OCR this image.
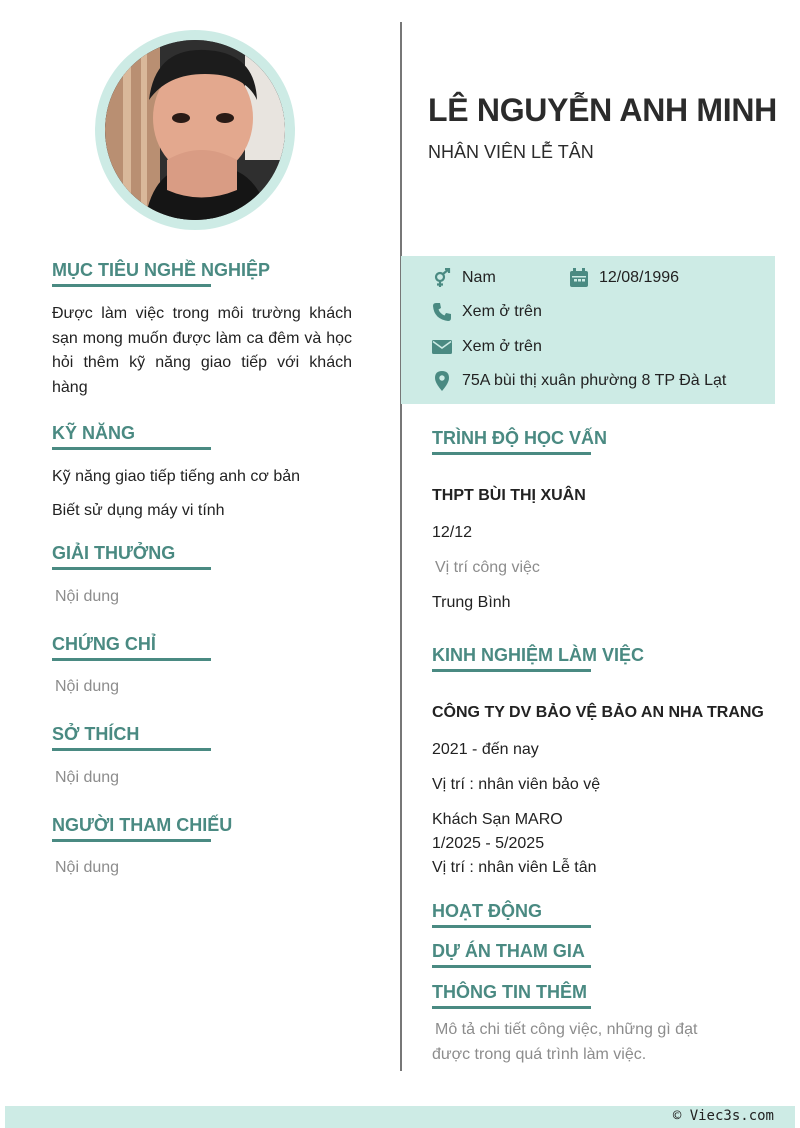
LÊ NGUYỄN ANH MINH
NHÂN VIÊN LỄ TÂN
Nam	12/08/1996
Xem ở trên
Xem ở trên
75A bùi thị xuân phường 8 TP Đà Lạt
MỤC TIÊU NGHỀ NGHIỆP
Được làm việc trong môi trường khách sạn mong muốn được làm ca đêm và học hỏi thêm kỹ năng giao tiếp với khách hàng
KỸ NĂNG
Kỹ năng giao tiếp tiếng anh cơ bản
Biết sử dụng máy vi tính
GIẢI THƯỞNG
Nội dung
CHỨNG CHỈ
Nội dung
SỞ THÍCH
Nội dung
NGƯỜI THAM CHIẾU
Nội dung
TRÌNH ĐỘ HỌC VẤN
THPT BÙI THỊ XUÂN
12/12
Vị trí công việc
Trung Bình
KINH NGHIỆM LÀM VIỆC
CÔNG TY DV BẢO VỆ BẢO AN NHA TRANG
2021 - đến nay
Vị trí : nhân viên bảo vệ
Khách Sạn MARO
1/2025 - 5/2025
Vị trí : nhân viên Lễ tân
HOẠT ĐỘNG
DỰ ÁN THAM GIA
THÔNG TIN THÊM
Mô tả chi tiết công việc, những gì đạt
được trong quá trình làm việc.
© Viec3s.com
